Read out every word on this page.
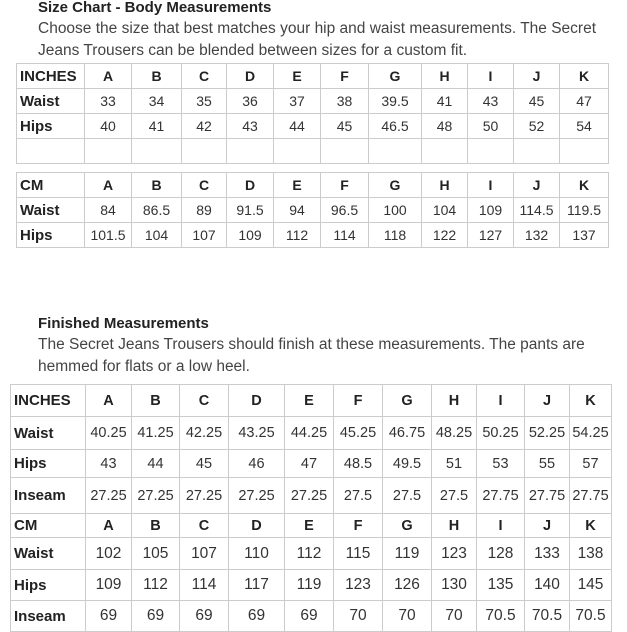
Size Chart - Body Measurements

Choose the size that best matches your hip and waist measurements. The Secret Jeans Trousers can be blended between sizes for a custom fit.

INCHES	A	B	C	D	E	F	G	H	I	J	K
Waist	33	34	35	36	37	38	39.5	41	43	45	47
Hips	40	41	42	43	44	45	46.5	48	50	52	54

CM	A	B	C	D	E	F	G	H	I	J	K
Waist	84	86.5	89	91.5	94	96.5	100	104	109	114.5	119.5
Hips	101.5	104	107	109	112	114	118	122	127	132	137
Finished Measurements

The Secret Jeans Trousers should finish at these measurements. The pants are hemmed for flats or a low heel.

INCHES	A	B	C	D	E	F	G	H	I	J	K
Waist	40.25	41.25	42.25	43.25	44.25	45.25	46.75	48.25	50.25	52.25	54.25
Hips	43	44	45	46	47	48.5	49.5	51	53	55	57
Inseam	27.25	27.25	27.25	27.25	27.25	27.5	27.5	27.5	27.75	27.75	27.75
CM	A	B	C	D	E	F	G	H	I	J	K
Waist	102	105	107	110	112	115	119	123	128	133	138
Hips	109	112	114	117	119	123	126	130	135	140	145
Inseam	69	69	69	69	69	70	70	70	70.5	70.5	70.5
